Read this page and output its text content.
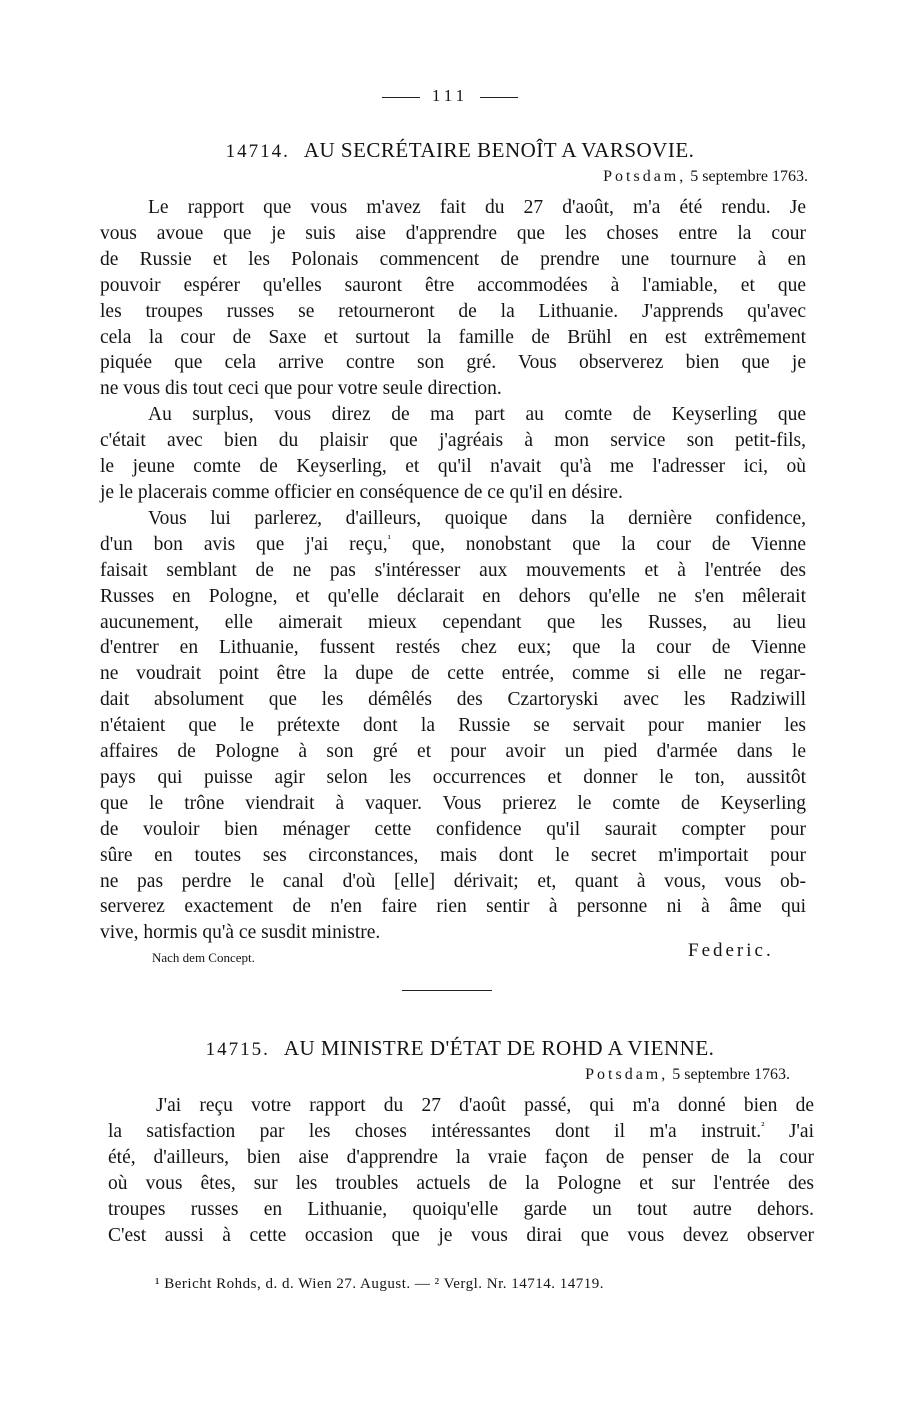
111
14714. AU SECRÉTAIRE BENOÎT A VARSOVIE.
Potsdam, 5 septembre 1763.
Le rapport que vous m'avez fait du 27 d'août, m'a été rendu. Je
vous avoue que je suis aise d'apprendre que les choses entre la cour
de Russie et les Polonais commencent de prendre une tournure à en
pouvoir espérer qu'elles sauront être accommodées à l'amiable, et que
les troupes russes se retourneront de la Lithuanie. J'apprends qu'avec
cela la cour de Saxe et surtout la famille de Brühl en est extrêmement
piquée que cela arrive contre son gré. Vous observerez bien que je
ne vous dis tout ceci que pour votre seule direction.
Au surplus, vous direz de ma part au comte de Keyserling que
c'était avec bien du plaisir que j'agréais à mon service son petit-fils,
le jeune comte de Keyserling, et qu'il n'avait qu'à me l'adresser ici, où
je le placerais comme officier en conséquence de ce qu'il en désire.
Vous lui parlerez, d'ailleurs, quoique dans la dernière confidence,
d'un bon avis que j'ai reçu,$^{^1}$ que, nonobstant que la cour de Vienne
faisait semblant de ne pas s'intéresser aux mouvements et à l'entrée des
Russes en Pologne, et qu'elle déclarait en dehors qu'elle ne s'en mêlerait
aucunement, elle aimerait mieux cependant que les Russes, au lieu
d'entrer en Lithuanie, fussent restés chez eux; que la cour de Vienne
ne voudrait point être la dupe de cette entrée, comme si elle ne regar-
dait absolument que les démêlés des Czartoryski avec les Radziwill
n'étaient que le prétexte dont la Russie se servait pour manier les
affaires de Pologne à son gré et pour avoir un pied d'armée dans le
pays qui puisse agir selon les occurrences et donner le ton, aussitôt
que le trône viendrait à vaquer. Vous prierez le comte de Keyserling
de vouloir bien ménager cette confidence qu'il saurait compter pour
sûre en toutes ses circonstances, mais dont le secret m'importait pour
ne pas perdre le canal d'où [elle] dérivait; et, quant à vous, vous ob-
serverez exactement de n'en faire rien sentir à personne ni à âme qui
vive, hormis qu'à ce susdit ministre.
Nach dem Concept.	Federic.
14715. AU MINISTRE D'ÉTAT DE ROHD A VIENNE.
Potsdam, 5 septembre 1763.
J'ai reçu votre rapport du 27 d'août passé, qui m'a donné bien de
la satisfaction par les choses intéressantes dont il m'a instruit.$^{^2}$ J'ai
été, d'ailleurs, bien aise d'apprendre la vraie façon de penser de la cour
où vous êtes, sur les troubles actuels de la Pologne et sur l'entrée des
troupes russes en Lithuanie, quoiqu'elle garde un tout autre dehors.
C'est aussi à cette occasion que je vous dirai que vous devez observer
¹ Bericht Rohds, d. d. Wien 27. August. — ² Vergl. Nr. 14714. 14719.
